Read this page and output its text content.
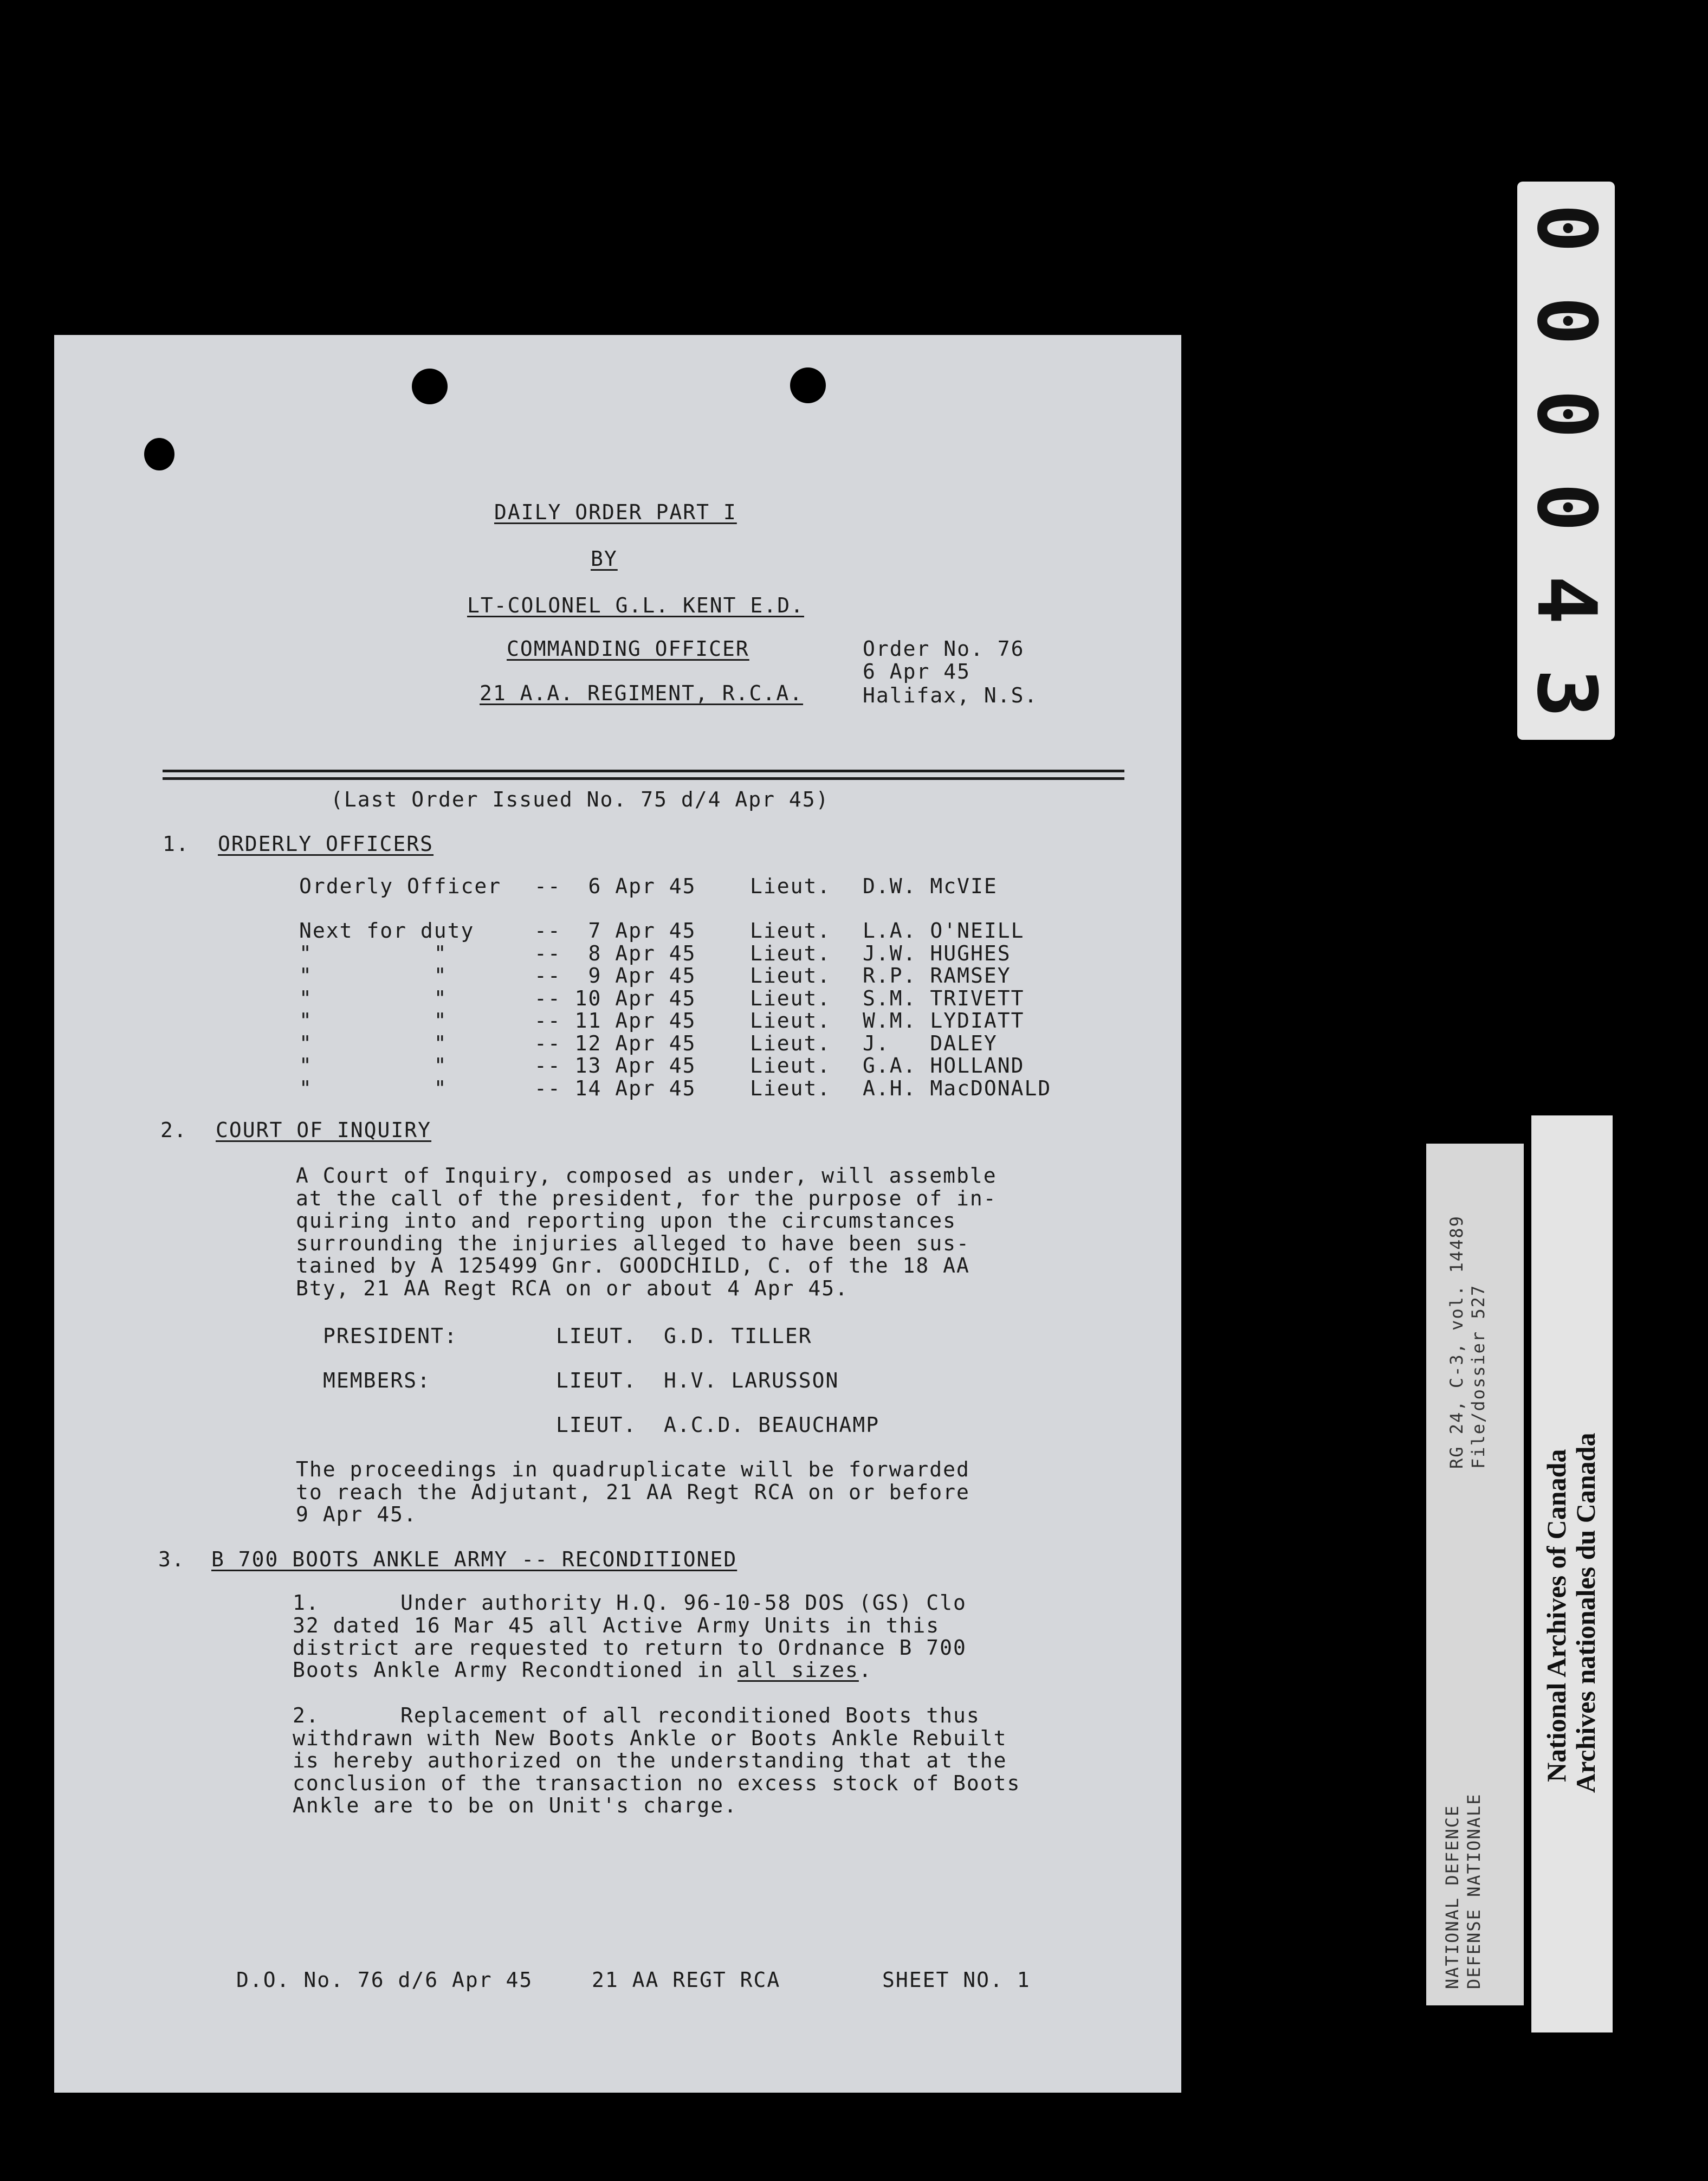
DAILY ORDER PART I
BY
LT-COLONEL G.L. KENT E.D.
COMMANDING OFFICER
21 A.A. REGIMENT, R.C.A.
Order No. 76
6 Apr 45
Halifax, N.S.
(Last Order Issued No. 75 d/4 Apr 45)
1. ORDERLY OFFICERS
Orderly Officer --  6 Apr 45	Lieut. D.W. McVIE
Next for duty	--  7 Apr 45	Lieut. L.A. O'NEILL
"         "	--  8 Apr 45	Lieut. J.W. HUGHES
"         "	--  9 Apr 45	Lieut. R.P. RAMSEY
"         "	-- 10 Apr 45	Lieut. S.M. TRIVETT
"         "	-- 11 Apr 45	Lieut. W.M. LYDIATT
"         "	-- 12 Apr 45	Lieut. J.   DALEY
"         "	-- 13 Apr 45	Lieut. G.A. HOLLAND
"         "	-- 14 Apr 45	Lieut. A.H. MacDONALD
2. COURT OF INQUIRY
A Court of Inquiry, composed as under, will assemble
at the call of the president, for the purpose of in-
quiring into and reporting upon the circumstances
surrounding the injuries alleged to have been sus-
tained by A 125499 Gnr. GOODCHILD, C. of the 18 AA
Bty, 21 AA Regt RCA on or about 4 Apr 45.
PRESIDENT:	LIEUT.  G.D. TILLER
MEMBERS:	LIEUT.  H.V. LARUSSON
LIEUT.  A.C.D. BEAUCHAMP
The proceedings in quadruplicate will be forwarded
to reach the Adjutant, 21 AA Regt RCA on or before
9 Apr 45.
3. B 700 BOOTS ANKLE ARMY -- RECONDITIONED
1.      Under authority H.Q. 96-10-58 DOS (GS) Clo
32 dated 16 Mar 45 all Active Army Units in this
district are requested to return to Ordnance B 700
Boots Ankle Army Recondtioned in all sizes.
2.      Replacement of all reconditioned Boots thus
withdrawn with New Boots Ankle or Boots Ankle Rebuilt
is hereby authorized on the understanding that at the
conclusion of the transaction no excess stock of Boots
Ankle are to be on Unit's charge.
D.O. No. 76 d/6 Apr 45	21 AA REGT RCA	SHEET NO. 1
0
0
0
0
4
3
NATIONAL DEFENCE DEFENSE NATIONALE
RG 24, C-3, vol. 14489 File/dossier 527
National Archives of Canada
Archives nationales du Canada
